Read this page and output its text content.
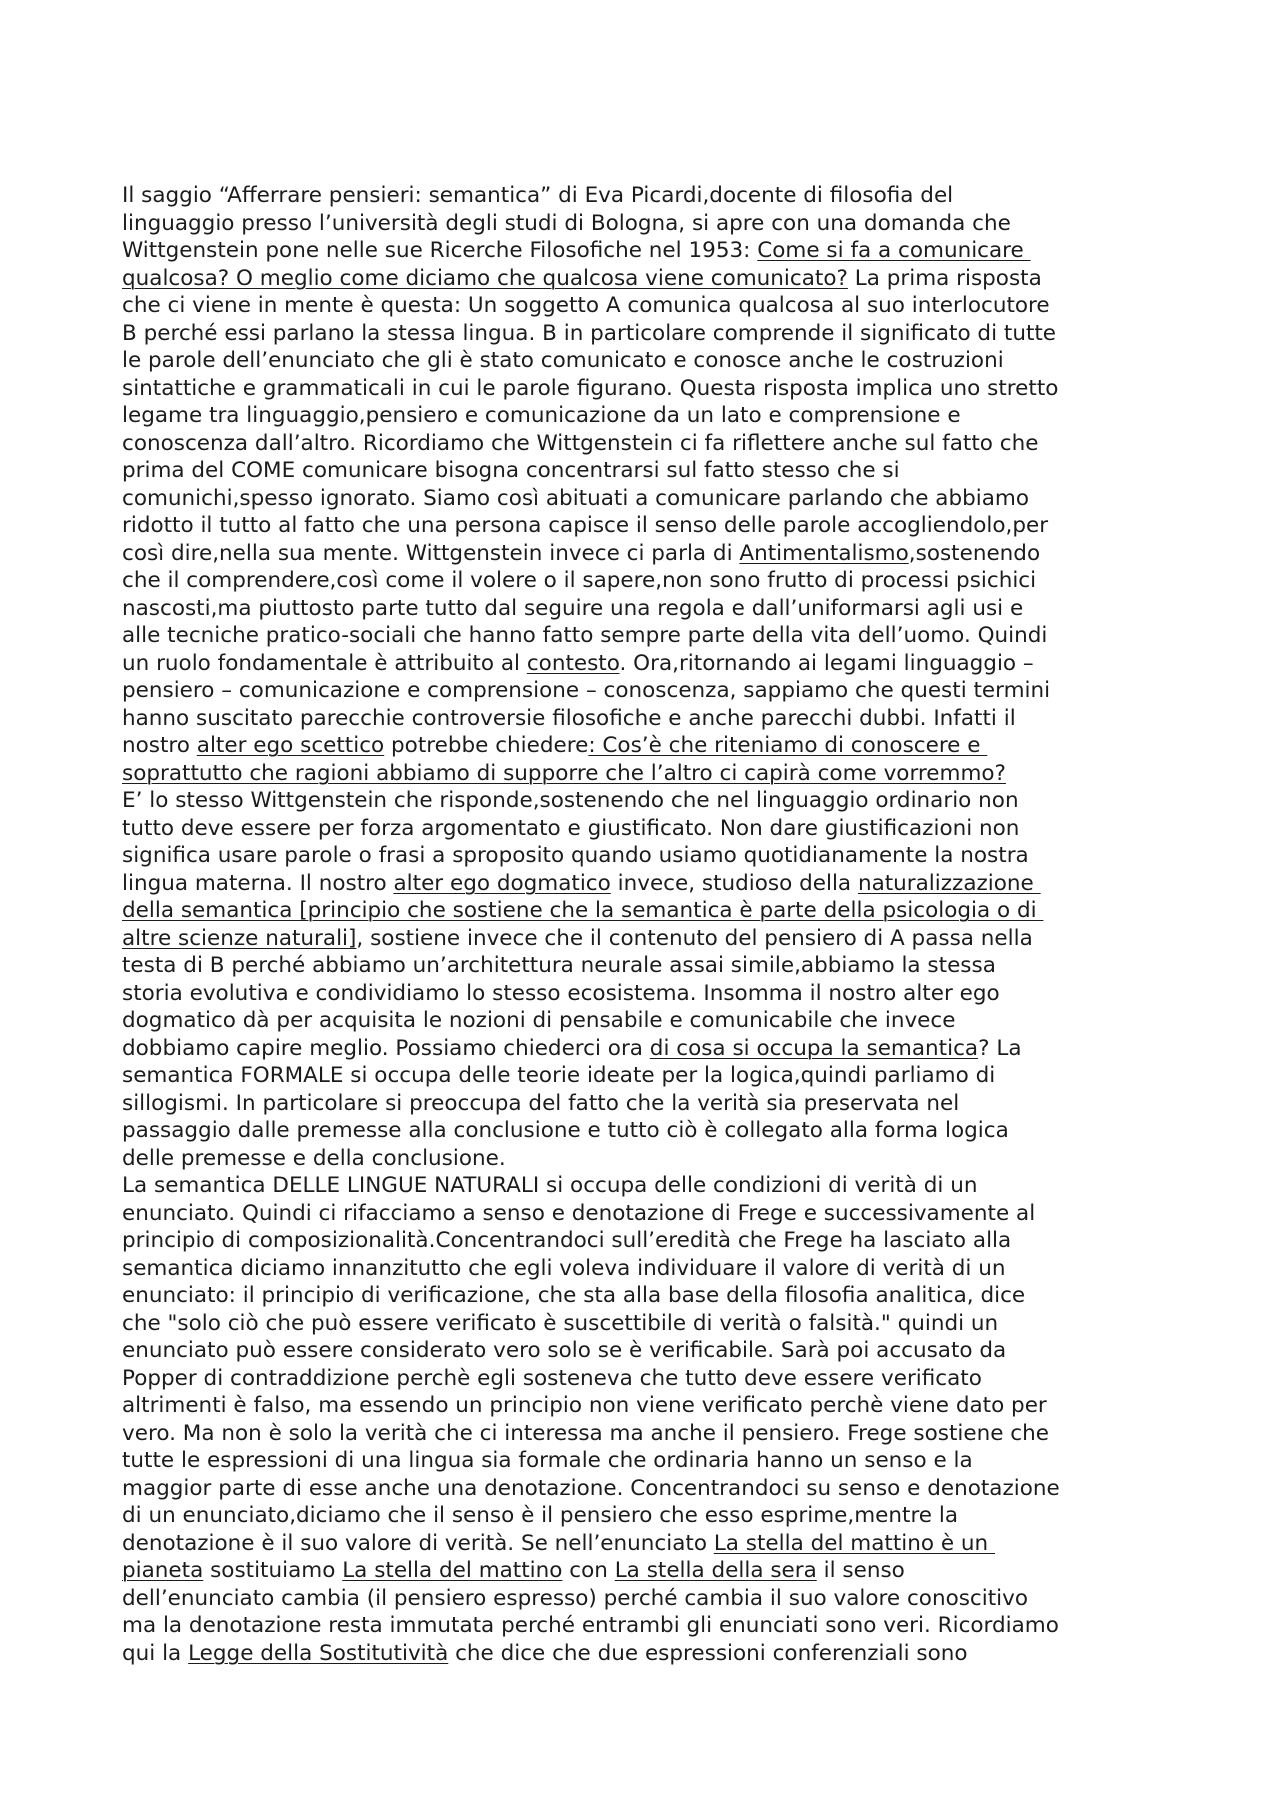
Il saggio “Afferrare pensieri: semantica” di Eva Picardi,docente di filosofia del
linguaggio presso l’università degli studi di Bologna, si apre con una domanda che
Wittgenstein pone nelle sue Ricerche Filosofiche nel 1953: Come si fa a comunicare
qualcosa? O meglio come diciamo che qualcosa viene comunicato? La prima risposta
che ci viene in mente è questa: Un soggetto A comunica qualcosa al suo interlocutore
B perché essi parlano la stessa lingua. B in particolare comprende il significato di tutte
le parole dell’enunciato che gli è stato comunicato e conosce anche le costruzioni
sintattiche e grammaticali in cui le parole figurano. Questa risposta implica uno stretto
legame tra linguaggio,pensiero e comunicazione da un lato e comprensione e
conoscenza dall’altro. Ricordiamo che Wittgenstein ci fa riflettere anche sul fatto che
prima del COME comunicare bisogna concentrarsi sul fatto stesso che si
comunichi,spesso ignorato. Siamo così abituati a comunicare parlando che abbiamo
ridotto il tutto al fatto che una persona capisce il senso delle parole accogliendolo,per
così dire,nella sua mente. Wittgenstein invece ci parla di Antimentalismo,sostenendo
che il comprendere,così come il volere o il sapere,non sono frutto di processi psichici
nascosti,ma piuttosto parte tutto dal seguire una regola e dall’uniformarsi agli usi e
alle tecniche pratico-sociali che hanno fatto sempre parte della vita dell’uomo. Quindi
un ruolo fondamentale è attribuito al contesto. Ora,ritornando ai legami linguaggio –
pensiero – comunicazione e comprensione – conoscenza, sappiamo che questi termini
hanno suscitato parecchie controversie filosofiche e anche parecchi dubbi. Infatti il
nostro alter ego scettico potrebbe chiedere: Cos’è che riteniamo di conoscere e
soprattutto che ragioni abbiamo di supporre che l’altro ci capirà come vorremmo?
E’ lo stesso Wittgenstein che risponde,sostenendo che nel linguaggio ordinario non
tutto deve essere per forza argomentato e giustificato. Non dare giustificazioni non
significa usare parole o frasi a sproposito quando usiamo quotidianamente la nostra
lingua materna. Il nostro alter ego dogmatico invece, studioso della naturalizzazione
della semantica [principio che sostiene che la semantica è parte della psicologia o di
altre scienze naturali], sostiene invece che il contenuto del pensiero di A passa nella
testa di B perché abbiamo un’architettura neurale assai simile,abbiamo la stessa
storia evolutiva e condividiamo lo stesso ecosistema. Insomma il nostro alter ego
dogmatico dà per acquisita le nozioni di pensabile e comunicabile che invece
dobbiamo capire meglio. Possiamo chiederci ora di cosa si occupa la semantica? La
semantica FORMALE si occupa delle teorie ideate per la logica,quindi parliamo di
sillogismi. In particolare si preoccupa del fatto che la verità sia preservata nel
passaggio dalle premesse alla conclusione e tutto ciò è collegato alla forma logica
delle premesse e della conclusione.
La semantica DELLE LINGUE NATURALI si occupa delle condizioni di verità di un
enunciato. Quindi ci rifacciamo a senso e denotazione di Frege e successivamente al
principio di composizionalità.Concentrandoci sull’eredità che Frege ha lasciato alla
semantica diciamo innanzitutto che egli voleva individuare il valore di verità di un
enunciato: il principio di verificazione, che sta alla base della filosofia analitica, dice
che "solo ciò che può essere verificato è suscettibile di verità o falsità." quindi un
enunciato può essere considerato vero solo se è verificabile. Sarà poi accusato da
Popper di contraddizione perchè egli sosteneva che tutto deve essere verificato
altrimenti è falso, ma essendo un principio non viene verificato perchè viene dato per
vero. Ma non è solo la verità che ci interessa ma anche il pensiero. Frege sostiene che
tutte le espressioni di una lingua sia formale che ordinaria hanno un senso e la
maggior parte di esse anche una denotazione. Concentrandoci su senso e denotazione
di un enunciato,diciamo che il senso è il pensiero che esso esprime,mentre la
denotazione è il suo valore di verità. Se nell’enunciato La stella del mattino è un
pianeta sostituiamo La stella del mattino con La stella della sera il senso
dell’enunciato cambia (il pensiero espresso) perché cambia il suo valore conoscitivo
ma la denotazione resta immutata perché entrambi gli enunciati sono veri. Ricordiamo
qui la Legge della Sostitutività che dice che due espressioni conferenziali sono
